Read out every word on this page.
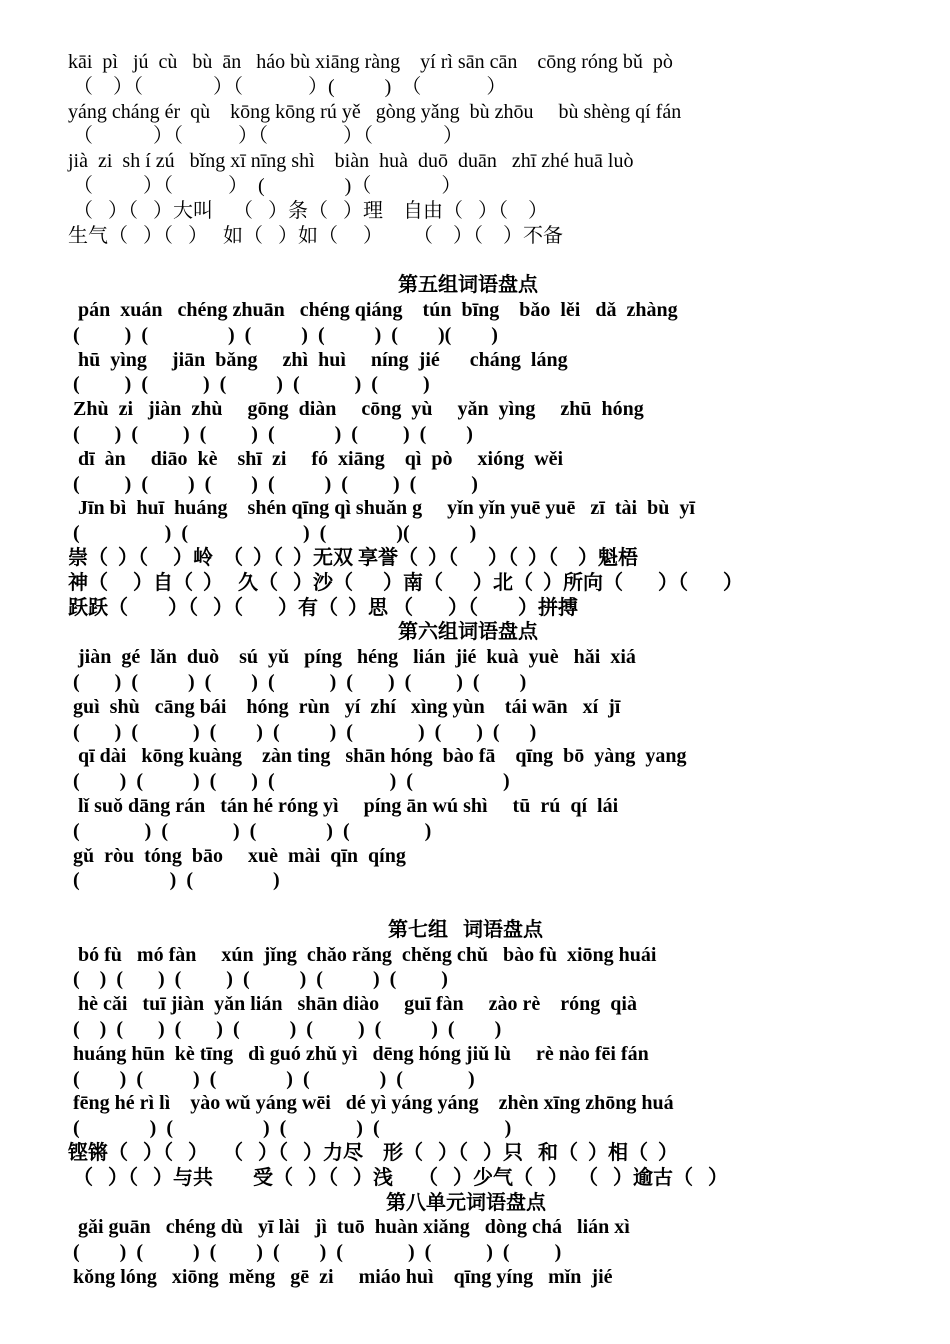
kāi  pì   jú  cù   bù  ān   háo bù xiāng ràng    yí rì sān cān    cōng róng bǔ  pò
（    ）（              ）（             ）(          )  （             ）
yáng cháng ér  qù    kōng kōng rú yě   gòng yǎng  bù zhōu     bù shèng qí fán
（            ）（           ）（               ）（              ）
jià  zi  sh í zú   bǐng xī nīng shì    biàn  huà  duō  duān   zhī zhé huā luò
（          ）（           ）  (                )（              ）
（   ）（   ）大叫    （   ）条（   ）理    自由（   ）（    ）
生气（   ）（   ）   如（   ）如（     ）      （    ）（    ）不备
第五组词语盘点
pán  xuán   chéng zhuān   chéng qiáng    tún  bīng    bǎo  lěi   dǎ  zhàng
(         )  (                )  (          )  (          )  (        )(        )
hū  yìng     jiān  bǎng     zhì  huì     níng  jié      cháng  láng
(         )  (           )  (          )  (           )  (         )
Zhù  zi   jiàn  zhù     gōng  diàn     cōng  yù     yǎn  yìng     zhū  hóng
(       )  (         )  (         )  (            )  (         )  (        )
dī  àn     diāo  kè    shī  zi     fó  xiāng    qì  pò     xióng  wěi
(         )  (        )  (        )  (          )  (         )  (           )
Jīn bì  huī  huáng    shén qīng qì shuǎn g     yǐn yǐn yuē yuē   zī  tài  bù  yī
(                 )  (                       )  (              )(            )
崇（  ）（     ）岭  （  ）（  ）无双 享誉（  ）（      ）（  ）（    ）魁梧
神（     ）自（  ）   久（   ）沙（      ）南（      ）北（  ）所向（       ）（       ）
跃跃（        ）（   ）（       ）有（  ）思 （       ）（        ）拼搏
第六组词语盘点
jiàn  gé  lǎn  duò    sú  yǔ   píng   héng   lián  jié  kuà  yuè   hǎi  xiá
(       )  (          )  (        )  (           )  (       )  (         )  (        )
guì  shù   cāng bái    hóng  rùn   yí  zhí   xìng yùn    tái wān   xí  jī
(       )  (           )  (        )  (          )  (             )  (       )  (      )
qī dài   kōng kuàng    zàn ting   shān hóng  bào fā    qīng  bō  yàng  yang
(        )  (          )  (       )  (                       )  (                  )
lǐ suǒ dāng rán   tán hé róng yì     píng ān wú shì     tū  rú  qí  lái
(             )  (             )  (              )  (               )
gǔ  ròu  tóng  bāo     xuè  mài  qīn  qíng
(                  )  (                )
第七组   词语盘点
bó fù   mó fàn     xún  jǐng  chǎo rǎng  chěng chǔ   bào fù  xiōng huái
(    )  (       )  (         )  (          )  (          )  (         )
hè cǎi   tuī jiàn  yǎn lián   shān diào     guī fàn     zào rè    róng  qià
(    )  (       )  (       )  (          )  (         )  (          )  (        )
huáng hūn  kè tīng   dì guó zhǔ yì   dēng hóng jiǔ lù     rè nào fēi fán
(        )  (          )  (              )  (              )  (             )
fēng hé rì lì    yào wǔ yáng wēi   dé yì yáng yáng    zhèn xīng zhōng huá
(              )  (                  )  (              )  (                         )
铿锵（   ）（   ）   （   ）（   ）力尽    形（   ）（   ）只   和（  ）相（  ）
（   ）（   ）与共        受（   ）（   ）浅     （   ）少气（   ）  （   ）逾古（   ）
第八单元词语盘点
gǎi guān   chéng dù   yī lài   jì  tuō  huàn xiǎng   dòng chá   lián xì
(        )  (          )  (        )  (        )  (             )  (           )  (         )
kǒng lóng   xiōng  měng   gē  zi     miáo huì    qīng yíng   mǐn  jié
